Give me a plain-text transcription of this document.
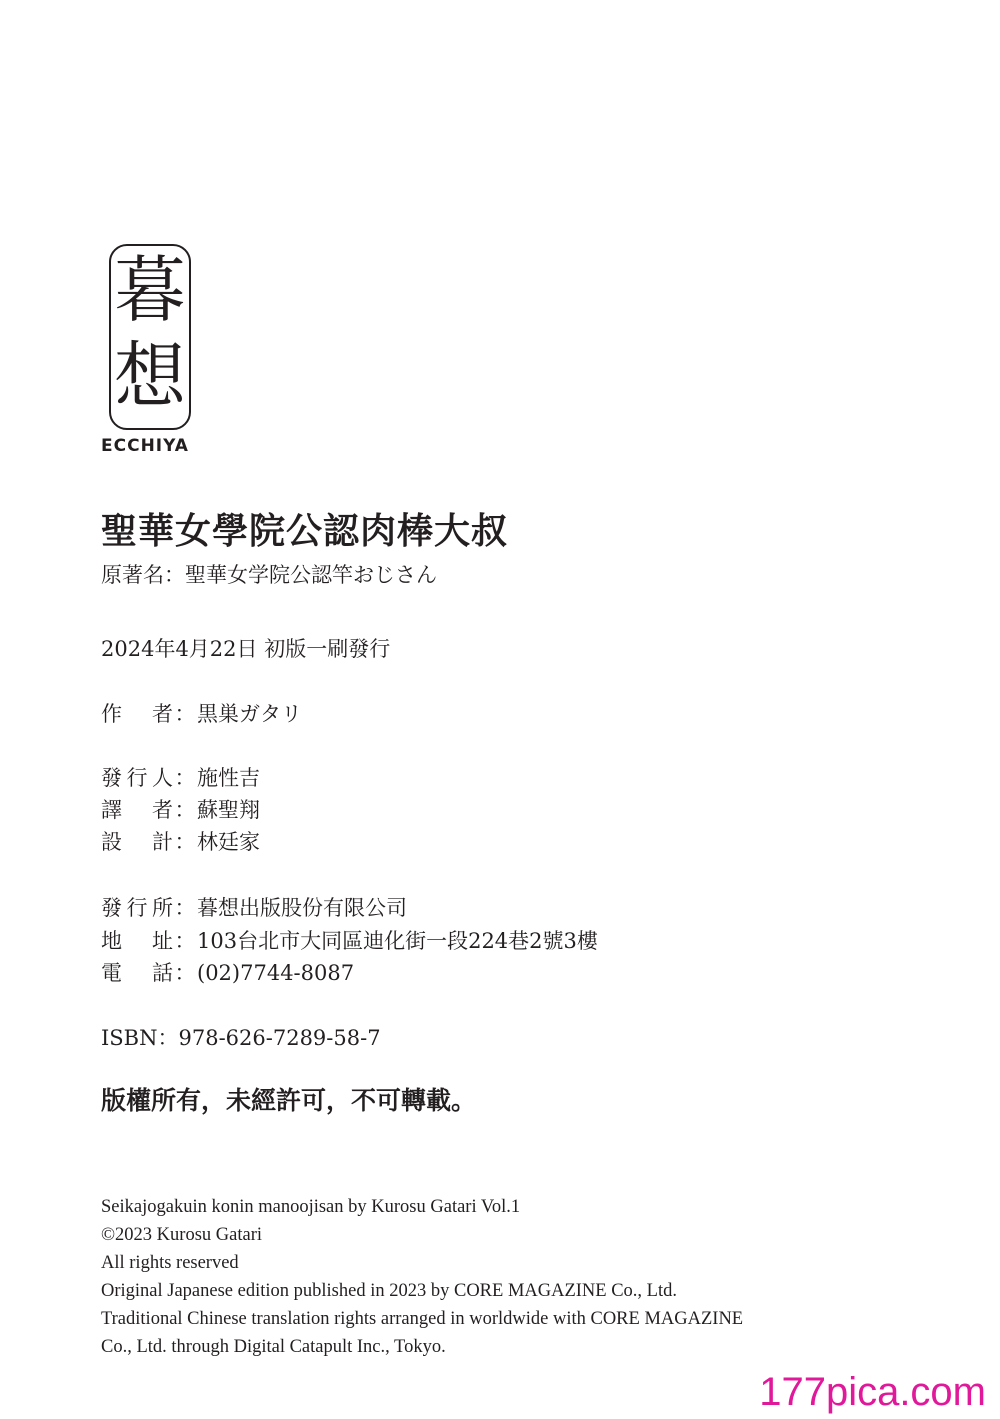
暮
想
ECCHIYA
聖華女學院公認肉棒大叔
原著名：聖華女学院公認竿おじさん
2024年4月22日 初版一刷發行
作者：黒巣ガタリ
發行人：施性吉
譯者：蘇聖翔
設計：林廷家
發行所：暮想出版股份有限公司
地址：103台北市大同區迪化街一段224巷2號3樓
電話：(02)7744-8087
ISBN：978-626-7289-58-7
版權所有，未經許可，不可轉載。
Seikajogakuin konin manoojisan by Kurosu Gatari Vol.1
©2023 Kurosu Gatari
All rights reserved
Original Japanese edition published in 2023 by CORE MAGAZINE Co., Ltd.
Traditional Chinese translation rights arranged in worldwide with CORE MAGAZINE
Co., Ltd. through Digital Catapult Inc., Tokyo.
177pica.com
